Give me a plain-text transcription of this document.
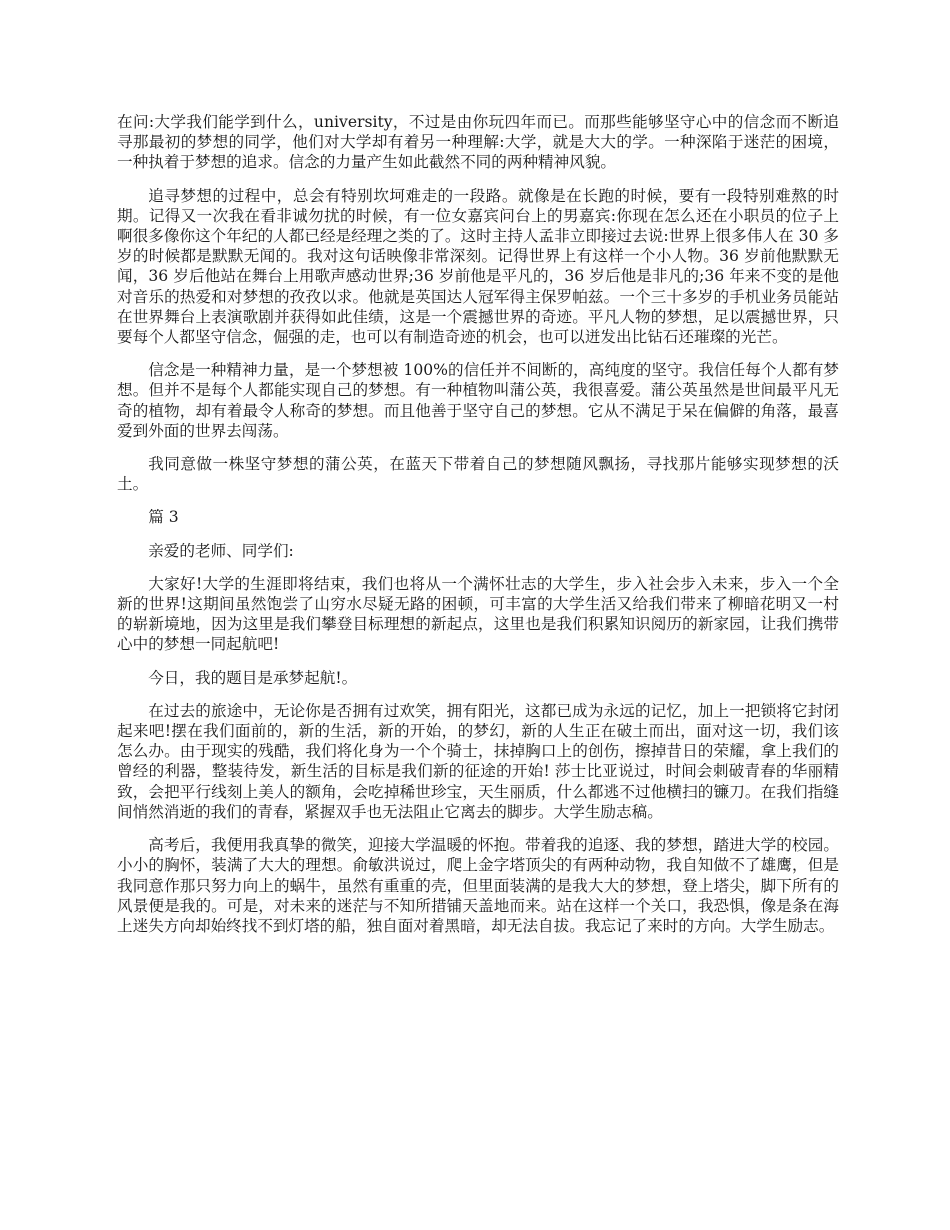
在问:大学我们能学到什么，university，不过是由你玩四年而已。而那些能够坚守心中的信念而不断追寻那最初的梦想的同学，他们对大学却有着另一种理解:大学，就是大大的学。一种深陷于迷茫的困境，一种执着于梦想的追求。信念的力量产生如此截然不同的两种精神风貌。

追寻梦想的过程中，总会有特别坎坷难走的一段路。就像是在长跑的时候，要有一段特别难熬的时期。记得又一次我在看非诚勿扰的时候，有一位女嘉宾问台上的男嘉宾:你现在怎么还在小职员的位子上啊很多像你这个年纪的人都已经是经理之类的了。这时主持人孟非立即接过去说:世界上很多伟人在 30 多岁的时候都是默默无闻的。我对这句话映像非常深刻。记得世界上有这样一个小人物。36 岁前他默默无闻，36 岁后他站在舞台上用歌声感动世界;36 岁前他是平凡的，36 岁后他是非凡的;36 年来不变的是他对音乐的热爱和对梦想的孜孜以求。他就是英国达人冠军得主保罗帕兹。一个三十多岁的手机业务员能站在世界舞台上表演歌剧并获得如此佳绩，这是一个震撼世界的奇迹。平凡人物的梦想，足以震撼世界，只要每个人都坚守信念，倔强的走，也可以有制造奇迹的机会，也可以迸发出比钻石还璀璨的光芒。

信念是一种精神力量，是一个梦想被 100%的信任并不间断的，高纯度的坚守。我信任每个人都有梦想。但并不是每个人都能实现自己的梦想。有一种植物叫蒲公英，我很喜爱。蒲公英虽然是世间最平凡无奇的植物，却有着最令人称奇的梦想。而且他善于坚守自己的梦想。它从不满足于呆在偏僻的角落，最喜爱到外面的世界去闯荡。

我同意做一株坚守梦想的蒲公英，在蓝天下带着自己的梦想随风飘扬，寻找那片能够实现梦想的沃土。

篇 3

亲爱的老师、同学们:

大家好!大学的生涯即将结束，我们也将从一个满怀壮志的大学生，步入社会步入未来，步入一个全新的世界!这期间虽然饱尝了山穷水尽疑无路的困顿，可丰富的大学生活又给我们带来了柳暗花明又一村的崭新境地，因为这里是我们攀登目标理想的新起点，这里也是我们积累知识阅历的新家园，让我们携带心中的梦想一同起航吧!

今日，我的题目是承梦起航!。

在过去的旅途中，无论你是否拥有过欢笑，拥有阳光，这都已成为永远的记忆，加上一把锁将它封闭起来吧!摆在我们面前的，新的生活，新的开始，的梦幻，新的人生正在破土而出，面对这一切，我们该怎么办。由于现实的残酷，我们将化身为一个个骑士，抹掉胸口上的创伤，擦掉昔日的荣耀，拿上我们的曾经的利器，整装待发，新生活的目标是我们新的征途的开始! 莎士比亚说过，时间会刺破青春的华丽精致，会把平行线刻上美人的额角，会吃掉稀世珍宝，天生丽质，什么都逃不过他横扫的镰刀。在我们指缝间悄然消逝的我们的青春，紧握双手也无法阻止它离去的脚步。大学生励志稿。

高考后，我便用我真挚的微笑，迎接大学温暖的怀抱。带着我的追逐、我的梦想，踏进大学的校园。小小的胸怀，装满了大大的理想。俞敏洪说过，爬上金字塔顶尖的有两种动物，我自知做不了雄鹰，但是我同意作那只努力向上的蜗牛，虽然有重重的壳，但里面装满的是我大大的梦想，登上塔尖，脚下所有的风景便是我的。可是，对未来的迷茫与不知所措铺天盖地而来。站在这样一个关口，我恐惧，像是条在海上迷失方向却始终找不到灯塔的船，独自面对着黑暗，却无法自拔。我忘记了来时的方向。大学生励志。
